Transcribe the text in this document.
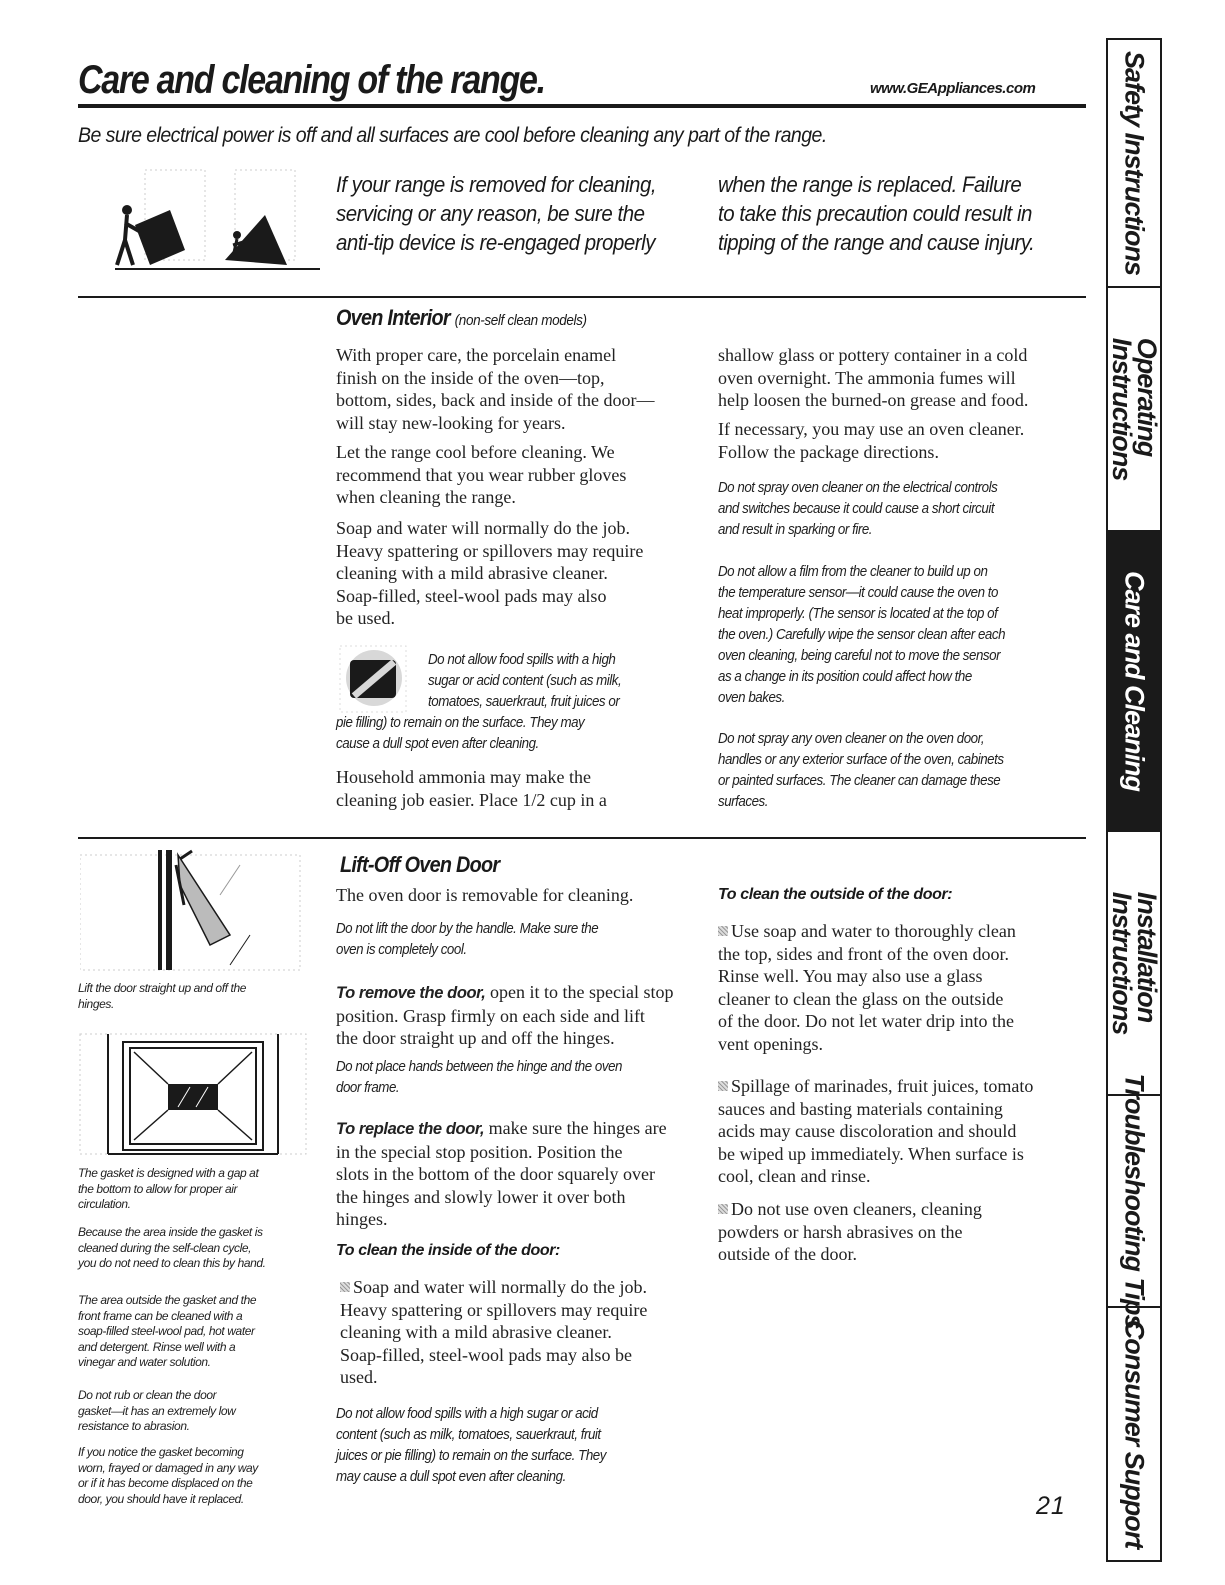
Care and cleaning of the range.	www.GEAppliances.com
Be sure electrical power is off and all surfaces are cool before cleaning any part of the range.
If your range is removed for cleaning,
servicing or any reason, be sure the
anti-tip device is re-engaged properly
when the range is replaced. Failure
to take this precaution could result in
tipping of the range and cause injury.
Oven Interior (non-self clean models)
With proper care, the porcelain enamel
finish on the inside of the oven—top,
bottom, sides, back and inside of the door—
will stay new-looking for years.
Let the range cool before cleaning. We
recommend that you wear rubber gloves
when cleaning the range.
Soap and water will normally do the job.
Heavy spattering or spillovers may require
cleaning with a mild abrasive cleaner.
Soap-filled, steel-wool pads may also
be used.
Do not allow food spills with a high
sugar or acid content (such as milk,
tomatoes, sauerkraut, fruit juices or
pie filling) to remain on the surface. They may
cause a dull spot even after cleaning.
Household ammonia may make the
cleaning job easier. Place 1/2 cup in a
shallow glass or pottery container in a cold
oven overnight. The ammonia fumes will
help loosen the burned-on grease and food.
If necessary, you may use an oven cleaner.
Follow the package directions.
Do not spray oven cleaner on the electrical controls
and switches because it could cause a short circuit
and result in sparking or fire.
Do not allow a film from the cleaner to build up on
the temperature sensor—it could cause the oven to
heat improperly. (The sensor is located at the top of
the oven.) Carefully wipe the sensor clean after each
oven cleaning, being careful not to move the sensor
as a change in its position could affect how the
oven bakes.
Do not spray any oven cleaner on the oven door,
handles or any exterior surface of the oven, cabinets
or painted surfaces. The cleaner can damage these
surfaces.
Lift the door straight up and off the
hinges.
The gasket is designed with a gap at
the bottom to allow for proper air
circulation.
Because the area inside the gasket is
cleaned during the self-clean cycle,
you do not need to clean this by hand.
The area outside the gasket and the
front frame can be cleaned with a
soap-filled steel-wool pad, hot water
and detergent. Rinse well with a
vinegar and water solution.
Do not rub or clean the door
gasket—it has an extremely low
resistance to abrasion.
If you notice the gasket becoming
worn, frayed or damaged in any way
or if it has become displaced on the
door, you should have it replaced.
Lift-Off Oven Door
The oven door is removable for cleaning.
Do not lift the door by the handle. Make sure the
oven is completely cool.
To remove the door, open it to the special stop
position. Grasp firmly on each side and lift
the door straight up and off the hinges.
Do not place hands between the hinge and the oven
door frame.
To replace the door, make sure the hinges are
in the special stop position. Position the
slots in the bottom of the door squarely over
the hinges and slowly lower it over both
hinges.
To clean the inside of the door:
Soap and water will normally do the job.
Heavy spattering or spillovers may require
cleaning with a mild abrasive cleaner.
Soap-filled, steel-wool pads may also be
used.
Do not allow food spills with a high sugar or acid
content (such as milk, tomatoes, sauerkraut, fruit
juices or pie filling) to remain on the surface. They
may cause a dull spot even after cleaning.
To clean the outside of the door:
Use soap and water to thoroughly clean
the top, sides and front of the oven door.
Rinse well. You may also use a glass
cleaner to clean the glass on the outside
of the door. Do not let water drip into the
vent openings.
Spillage of marinades, fruit juices, tomato
sauces and basting materials containing
acids may cause discoloration and should
be wiped up immediately. When surface is
cool, clean and rinse.
Do not use oven cleaners, cleaning
powders or harsh abrasives on the
outside of the door.
21
Safety Instructions
Operating
Instructions
Care and Cleaning
Installation
Instructions
Troubleshooting Tips
Consumer Support
